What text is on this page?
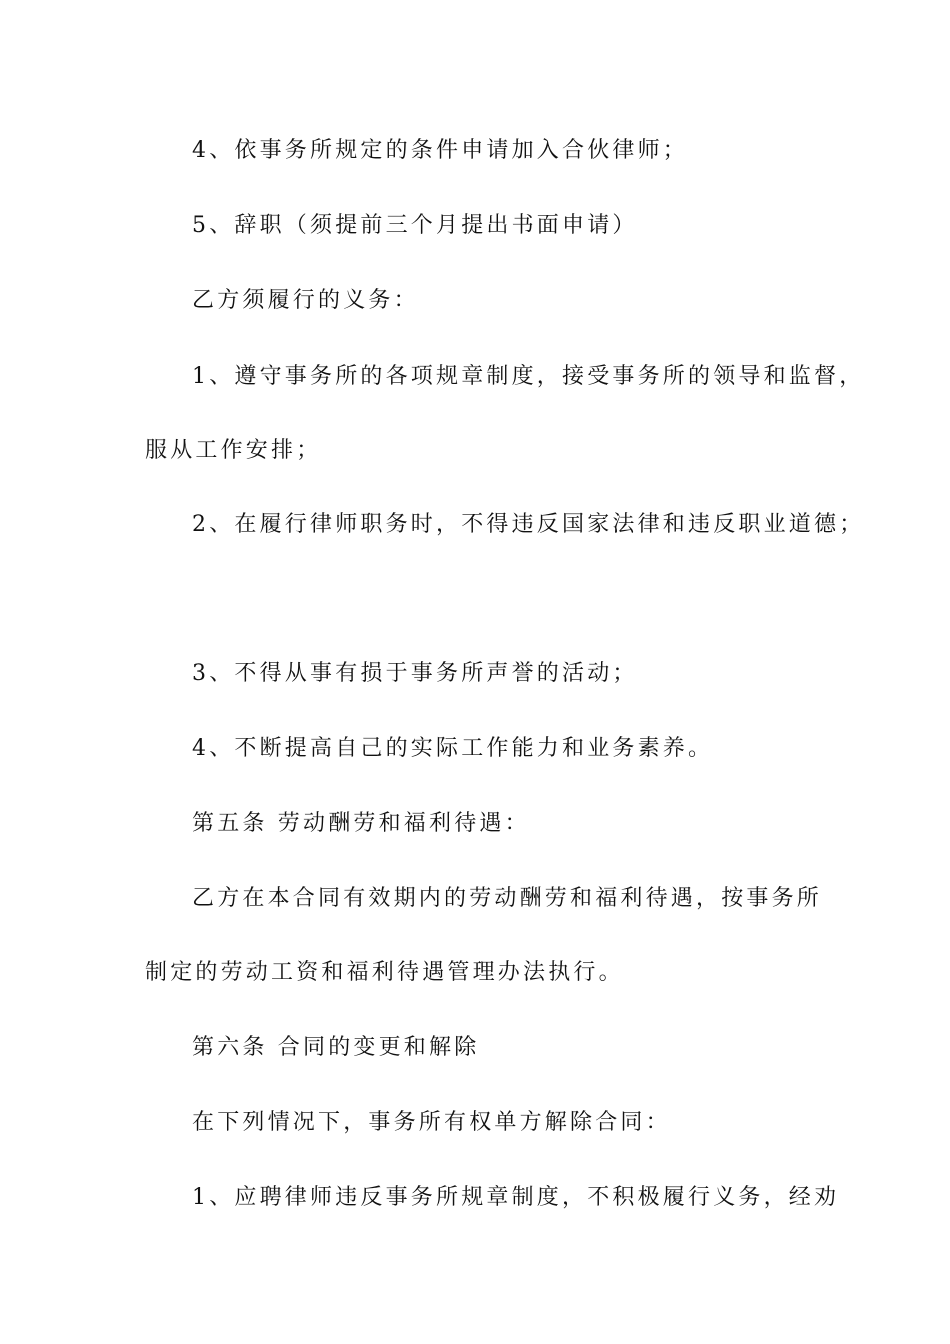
4、依事务所规定的条件申请加入合伙律师；
5、辞职（须提前三个月提出书面申请）
乙方须履行的义务：
1、遵守事务所的各项规章制度，接受事务所的领导和监督，
服从工作安排；
2、在履行律师职务时，不得违反国家法律和违反职业道德；
3、不得从事有损于事务所声誉的活动；
4、不断提高自己的实际工作能力和业务素养。
第五条 劳动酬劳和福利待遇：
乙方在本合同有效期内的劳动酬劳和福利待遇，按事务所
制定的劳动工资和福利待遇管理办法执行。
第六条 合同的变更和解除
在下列情况下，事务所有权单方解除合同：
1、应聘律师违反事务所规章制度，不积极履行义务，经劝
